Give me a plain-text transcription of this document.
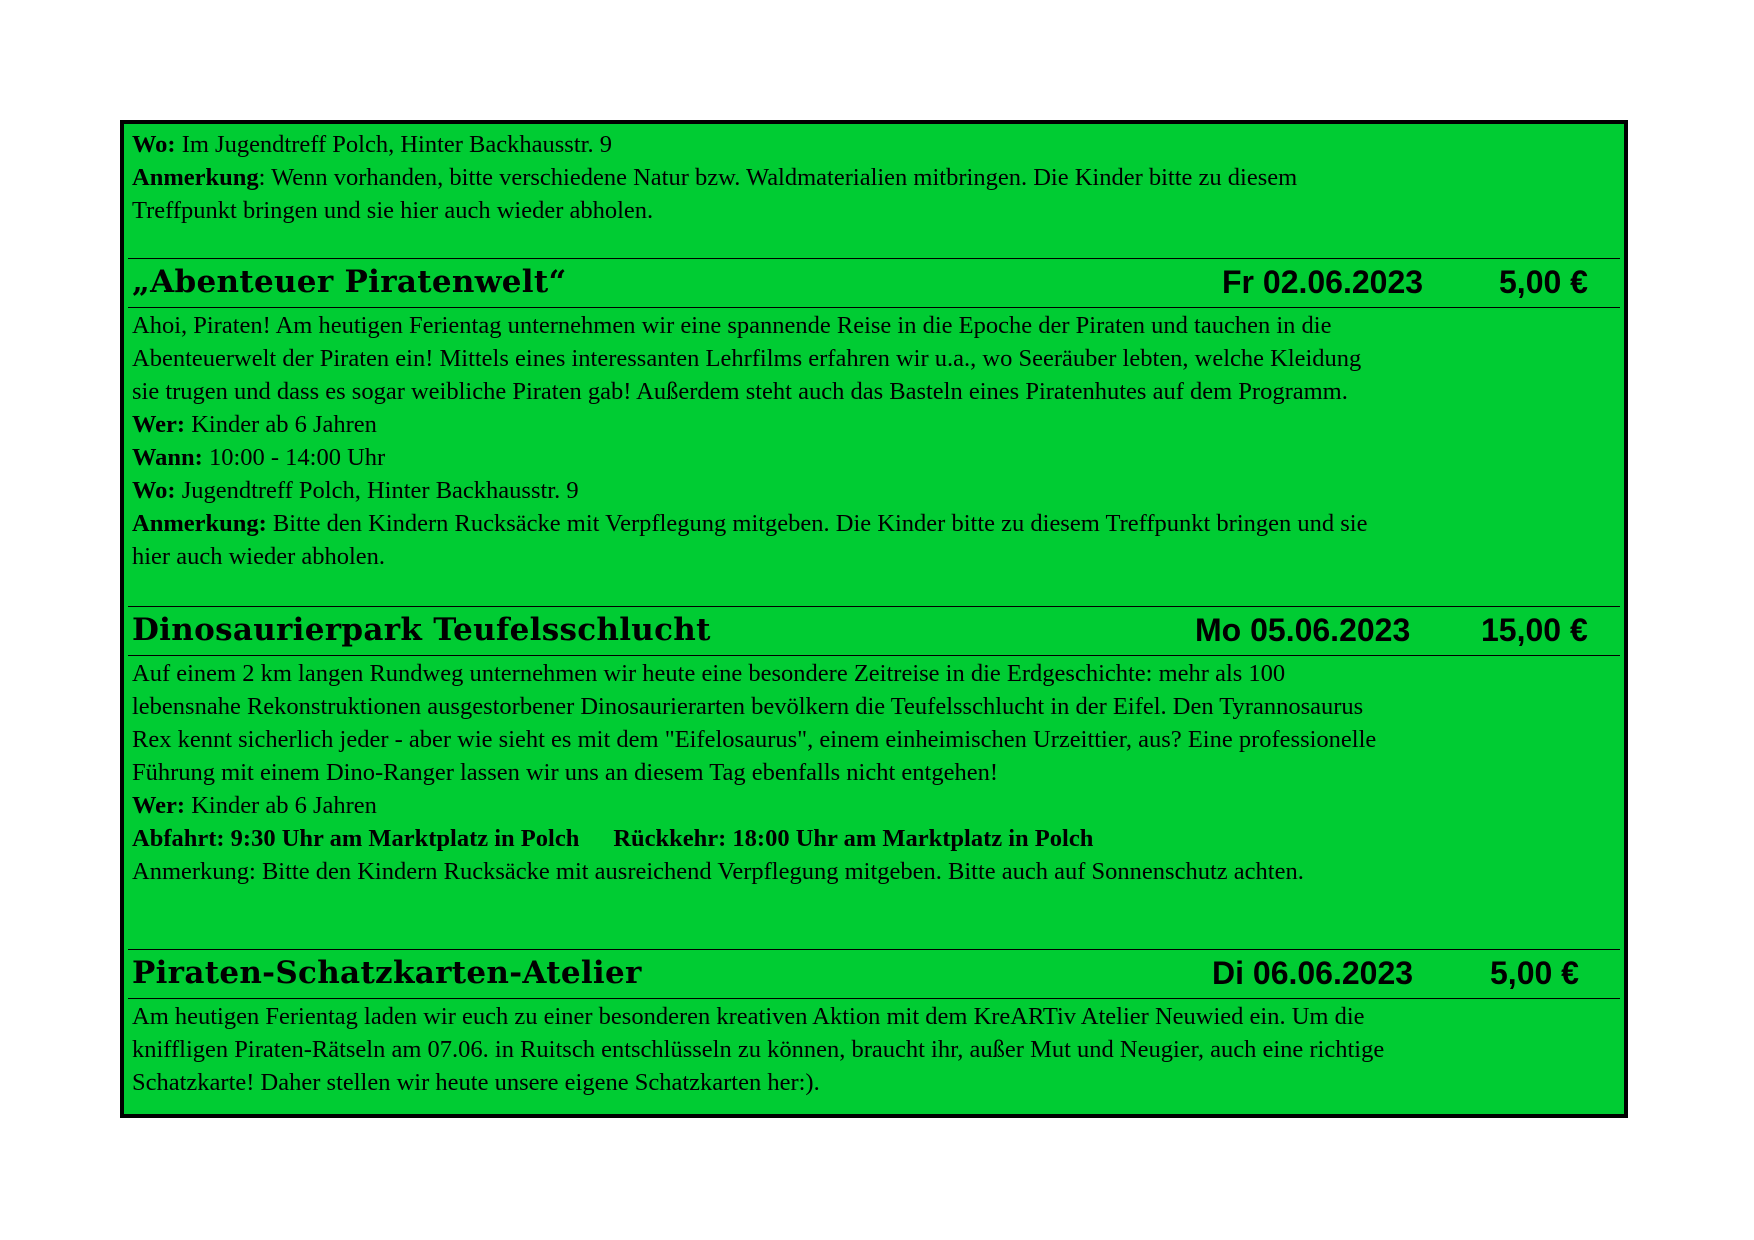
Wo: Im Jugendtreff Polch, Hinter Backhausstr. 9
Anmerkung: Wenn vorhanden, bitte verschiedene Natur bzw. Waldmaterialien mitbringen. Die Kinder bitte zu diesem
Treffpunkt bringen und sie hier auch wieder abholen.
„Abenteuer Piratenwelt“	Fr 02.06.2023 5,00 €
Ahoi, Piraten! Am heutigen Ferientag unternehmen wir eine spannende Reise in die Epoche der Piraten und tauchen in die
Abenteuerwelt der Piraten ein! Mittels eines interessanten Lehrfilms erfahren wir u.a., wo Seeräuber lebten, welche Kleidung
sie trugen und dass es sogar weibliche Piraten gab! Außerdem steht auch das Basteln eines Piratenhutes auf dem Programm.
Wer: Kinder ab 6 Jahren
Wann: 10:00 - 14:00 Uhr
Wo: Jugendtreff Polch, Hinter Backhausstr. 9
Anmerkung: Bitte den Kindern Rucksäcke mit Verpflegung mitgeben. Die Kinder bitte zu diesem Treffpunkt bringen und sie
hier auch wieder abholen.
Dinosaurierpark Teufelsschlucht	Mo 05.06.2023 15,00 €
Auf einem 2 km langen Rundweg unternehmen wir heute eine besondere Zeitreise in die Erdgeschichte: mehr als 100
lebensnahe Rekonstruktionen ausgestorbener Dinosaurierarten bevölkern die Teufelsschlucht in der Eifel. Den Tyrannosaurus
Rex kennt sicherlich jeder - aber wie sieht es mit dem "Eifelosaurus", einem einheimischen Urzeittier, aus? Eine professionelle
Führung mit einem Dino-Ranger lassen wir uns an diesem Tag ebenfalls nicht entgehen!
Wer: Kinder ab 6 Jahren
Abfahrt: 9:30 Uhr am Marktplatz in Polch Rückkehr: 18:00 Uhr am Marktplatz in Polch
Anmerkung: Bitte den Kindern Rucksäcke mit ausreichend Verpflegung mitgeben. Bitte auch auf Sonnenschutz achten.
Piraten-Schatzkarten-Atelier	Di 06.06.2023 5,00 €
Am heutigen Ferientag laden wir euch zu einer besonderen kreativen Aktion mit dem KreARTiv Atelier Neuwied ein. Um die
kniffligen Piraten-Rätseln am 07.06. in Ruitsch entschlüsseln zu können, braucht ihr, außer Mut und Neugier, auch eine richtige
Schatzkarte! Daher stellen wir heute unsere eigene Schatzkarten her:).
